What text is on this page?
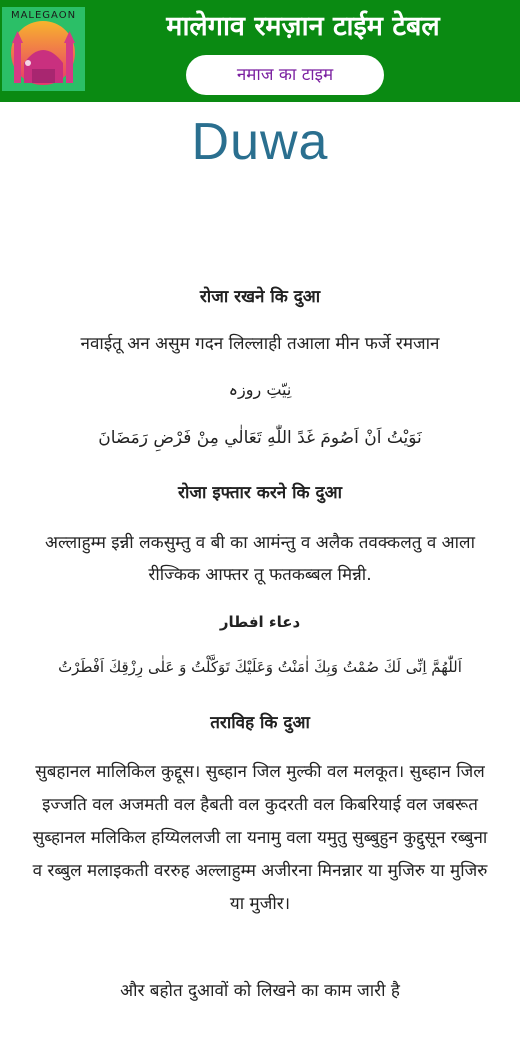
MALEGAON	मालेगाव रमज़ान टाईम टेबल
नमाज का टाइम
Duwa
रोजा रखने कि दुआ
नवाईतू अन असुम गदन लिल्लाही तआला मीन फर्जे रमजान
نِیّتِ روزہ
نَوَيْتُ اَنْ اَصُومَ غَدً اللّٰهِ تَعَالٰي مِنْ فَرْضِ رَمَضَانَ
रोजा इफ्तार करने कि दुआ
अल्लाहुम्म इन्नी लकसुम्तु व बी का आमंन्तु व अलैक तवक्कलतु व आला रीज्किक आफ्तर तू फतकब्बल मिन्नी.
دعاء افطار
اَللّٰهُمَّ اِنِّی لَكَ صُمْتُ وَبِكَ اٰمَنْتُ وَعَلَيْكَ تَوَكَّلْتُ وَ عَلٰی رِزْقِكَ اَفْطَرْتُ
तराविह कि दुआ
सुबहानल मालिकिल कुद्दूस। सुब्हान जिल मुल्की वल मलकूत। सुब्हान जिल इज्जति वल अजमती वल हैबती वल कुदरती वल किबरियाई वल जबरूत सुब्हानल मलिकिल हय्यिललजी ला यनामु वला यमुतु सुब्बुहुन कुद्दुसून रब्बुना व रब्बुल मलाइकती वररुह अल्लाहुम्म अजीरना मिनन्नार या मुजिरु या मुजिरु या मुजीर।
और बहोत दुआवों को लिखने का काम जारी है
